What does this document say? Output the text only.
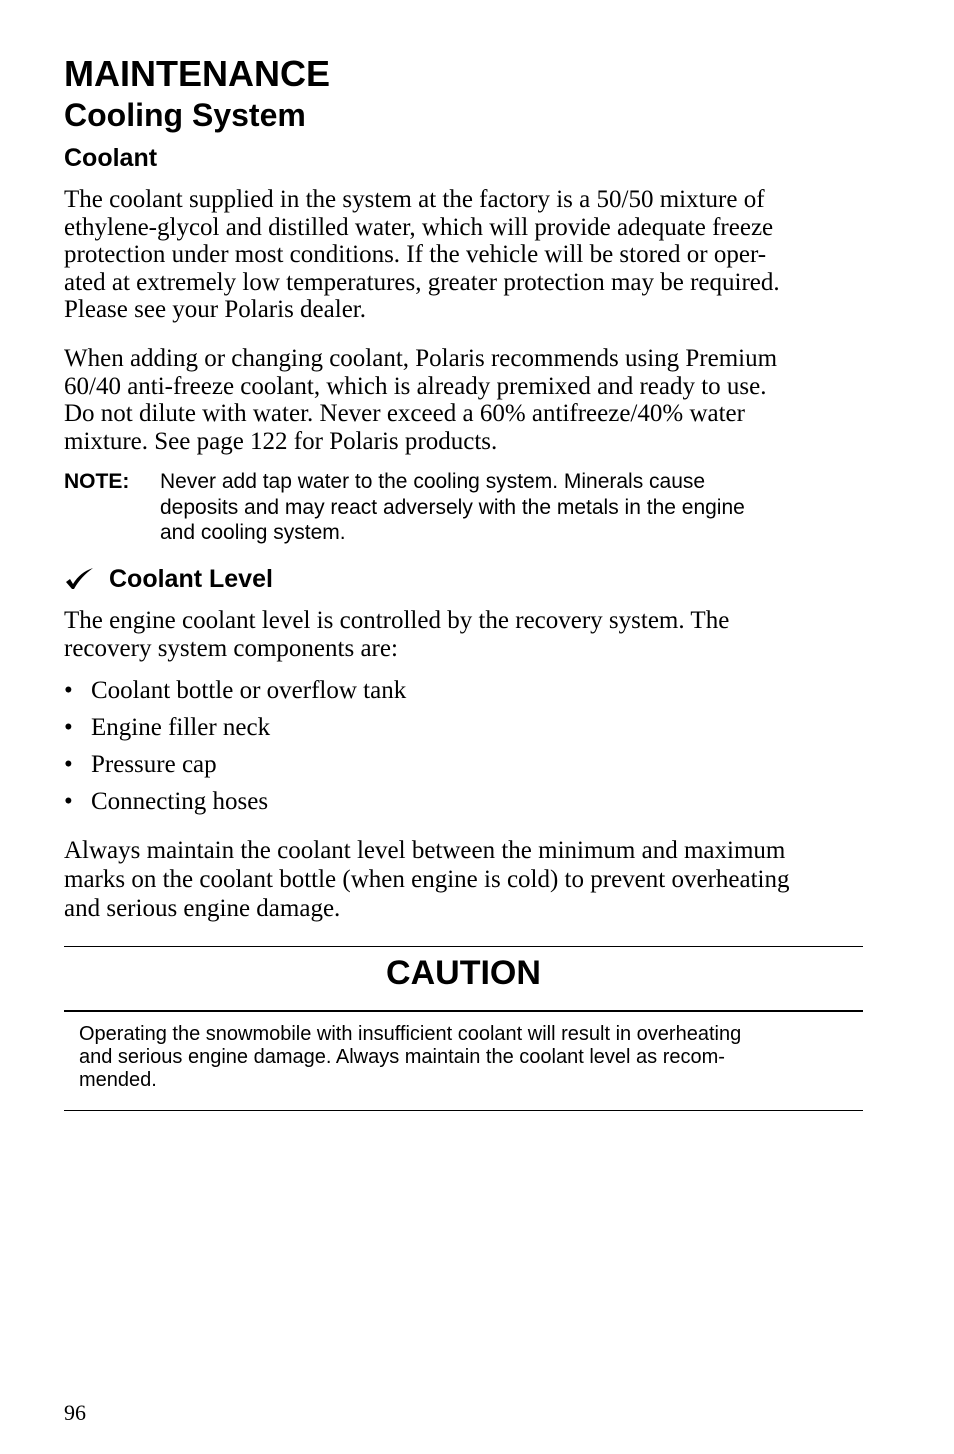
MAINTENANCE
Cooling System
Coolant

The coolant supplied in the system at the factory is a 50/50 mixture of
ethylene-glycol and distilled water, which will provide adequate freeze
protection under most conditions. If the vehicle will be stored or oper-
ated at extremely low temperatures, greater protection may be required.
Please see your Polaris dealer.

When adding or changing coolant, Polaris recommends using Premium
60/40 anti-freeze coolant, which is already premixed and ready to use.
Do not dilute with water. Never exceed a 60% antifreeze/40% water
mixture. See page 122 for Polaris products.

NOTE: Never add tap water to the cooling system. Minerals cause
deposits and may react adversely with the metals in the engine
and cooling system.

Coolant Level

The engine coolant level is controlled by the recovery system. The
recovery system components are:

• Coolant bottle or overflow tank
• Engine filler neck
• Pressure cap
• Connecting hoses

Always maintain the coolant level between the minimum and maximum
marks on the coolant bottle (when engine is cold) to prevent overheating
and serious engine damage.

CAUTION

Operating the snowmobile with insufficient coolant will result in overheating
and serious engine damage. Always maintain the coolant level as recom-
mended.

96
